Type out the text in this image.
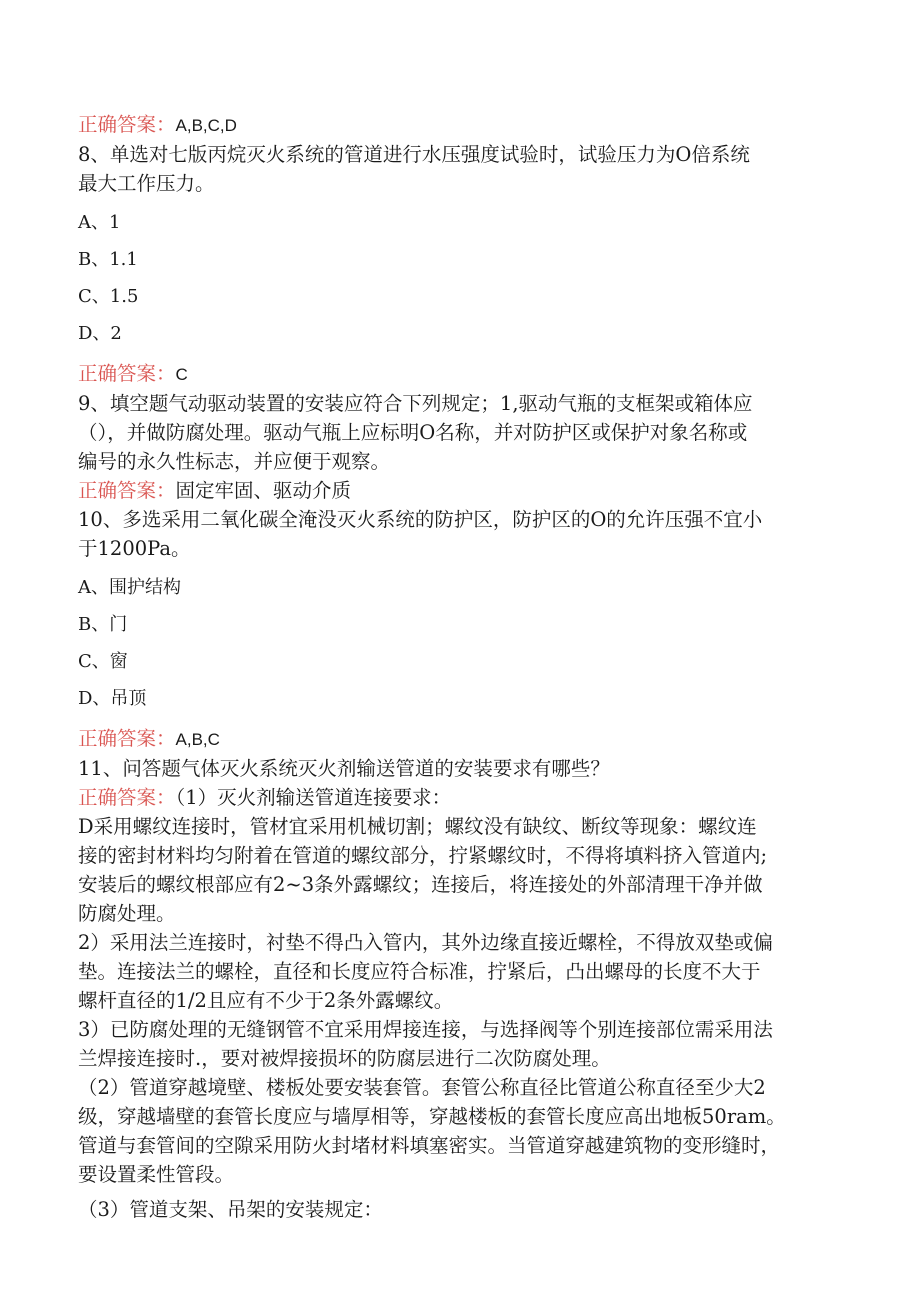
正确答案：A,B,C,D
8、单选对七版丙烷灭火系统的管道进行水压强度试验时，试验压力为O倍系统
最大工作压力。
A、1
B、1.1
C、1.5
D、2
正确答案：C
9、填空题气动驱动装置的安装应符合下列规定；1,驱动气瓶的支框架或箱体应
（），并做防腐处理。驱动气瓶上应标明O名称，并对防护区或保护对象名称或
编号的永久性标志，并应便于观察。
正确答案：固定牢固、驱动介质
10、多选采用二氧化碳全淹没灭火系统的防护区，防护区的O的允许压强不宜小
于1200Pa。
A、围护结构
B、门
C、窗
D、吊顶
正确答案：A,B,C
11、问答题气体灭火系统灭火剂输送管道的安装要求有哪些？
正确答案：（1）灭火剂输送管道连接要求：
D采用螺纹连接时，管材宜采用机械切割；螺纹没有缺纹、断纹等现象：螺纹连
接的密封材料均匀附着在管道的螺纹部分，拧紧螺纹时，不得将填料挤入管道内;
安装后的螺纹根部应有2~3条外露螺纹；连接后，将连接处的外部清理干净并做
防腐处理。
2）采用法兰连接时，衬垫不得凸入管内，其外边缘直接近螺栓，不得放双垫或偏
垫。连接法兰的螺栓，直径和长度应符合标准，拧紧后，凸出螺母的长度不大于
螺杆直径的1/2且应有不少于2条外露螺纹。
3）已防腐处理的无缝钢管不宜采用焊接连接，与选择阀等个别连接部位需采用法
兰焊接连接时.，要对被焊接损坏的防腐层进行二次防腐处理。
（2）管道穿越境壁、楼板处要安装套管。套管公称直径比管道公称直径至少大2
级，穿越墙壁的套管长度应与墙厚相等，穿越楼板的套管长度应高出地板50ram。
管道与套管间的空隙采用防火封堵材料填塞密实。当管道穿越建筑物的变形缝时，
要设置柔性管段。
（3）管道支架、吊架的安装规定：
